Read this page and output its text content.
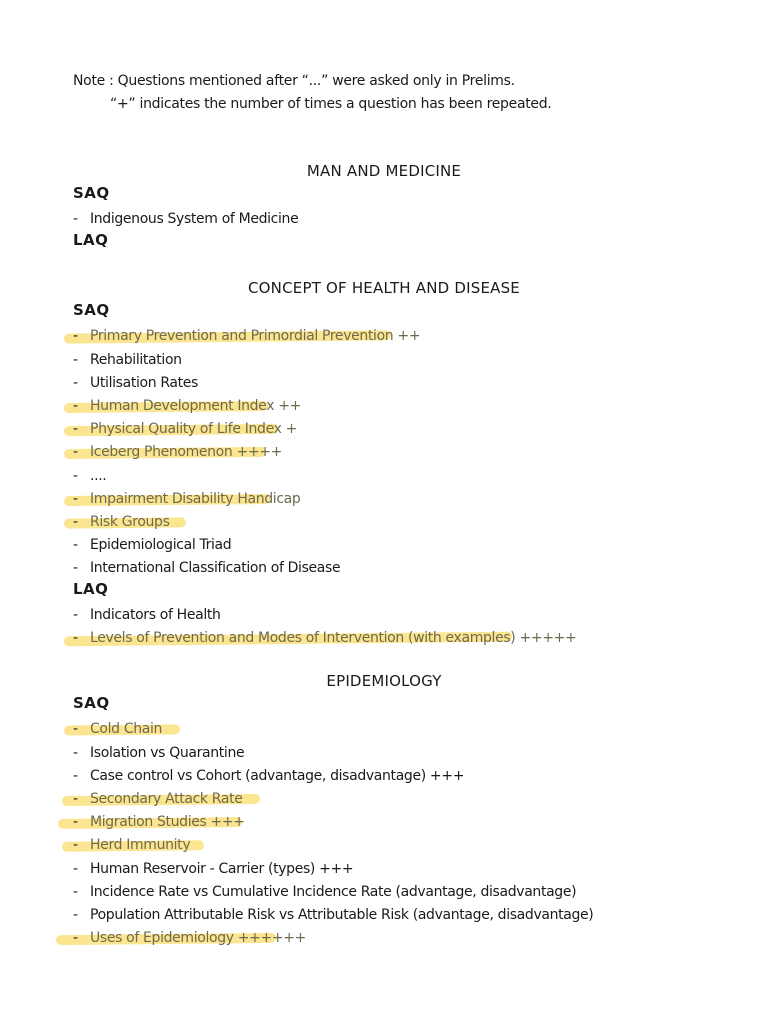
Note : Questions mentioned after “...” were asked only in Prelims.
“+” indicates the number of times a question has been repeated.
MAN AND MEDICINE
SAQ
- Indigenous System of Medicine
LAQ
CONCEPT OF HEALTH AND DISEASE
SAQ
- Primary Prevention and Primordial Prevention ++
- Rehabilitation
- Utilisation Rates
- Human Development Index ++
- Physical Quality of Life Index +
- Iceberg Phenomenon ++++
- ....
- Impairment Disability Handicap
- Risk Groups
- Epidemiological Triad
- International Classification of Disease
LAQ
- Indicators of Health
- Levels of Prevention and Modes of Intervention (with examples) +++++
EPIDEMIOLOGY
SAQ
- Cold Chain
- Isolation vs Quarantine
- Case control vs Cohort (advantage, disadvantage) +++
- Secondary Attack Rate
- Migration Studies +++
- Herd Immunity
- Human Reservoir - Carrier (types) +++
- Incidence Rate vs Cumulative Incidence Rate (advantage, disadvantage)
- Population Attributable Risk vs Attributable Risk (advantage, disadvantage)
- Uses of Epidemiology ++++++
